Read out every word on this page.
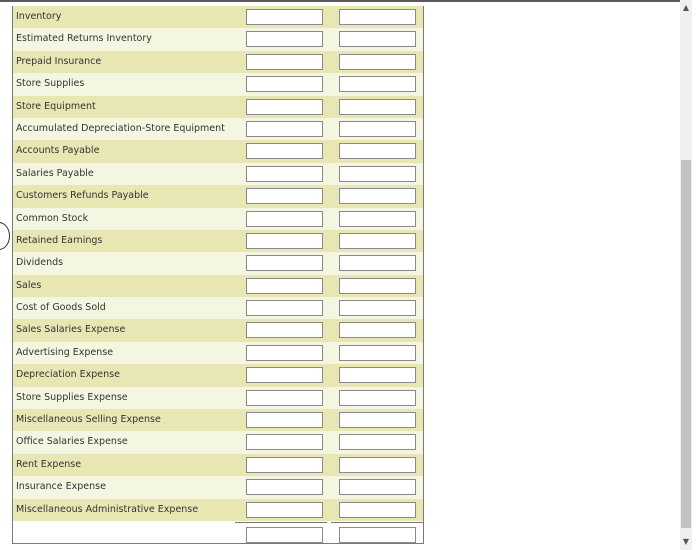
Inventory
Estimated Returns Inventory
Prepaid Insurance
Store Supplies
Store Equipment
Accumulated Depreciation-Store Equipment
Accounts Payable
Salaries Payable
Customers Refunds Payable
Common Stock
Retained Earnings
Dividends
Sales
Cost of Goods Sold
Sales Salaries Expense
Advertising Expense
Depreciation Expense
Store Supplies Expense
Miscellaneous Selling Expense
Office Salaries Expense
Rent Expense
Insurance Expense
Miscellaneous Administrative Expense
▲
▼
